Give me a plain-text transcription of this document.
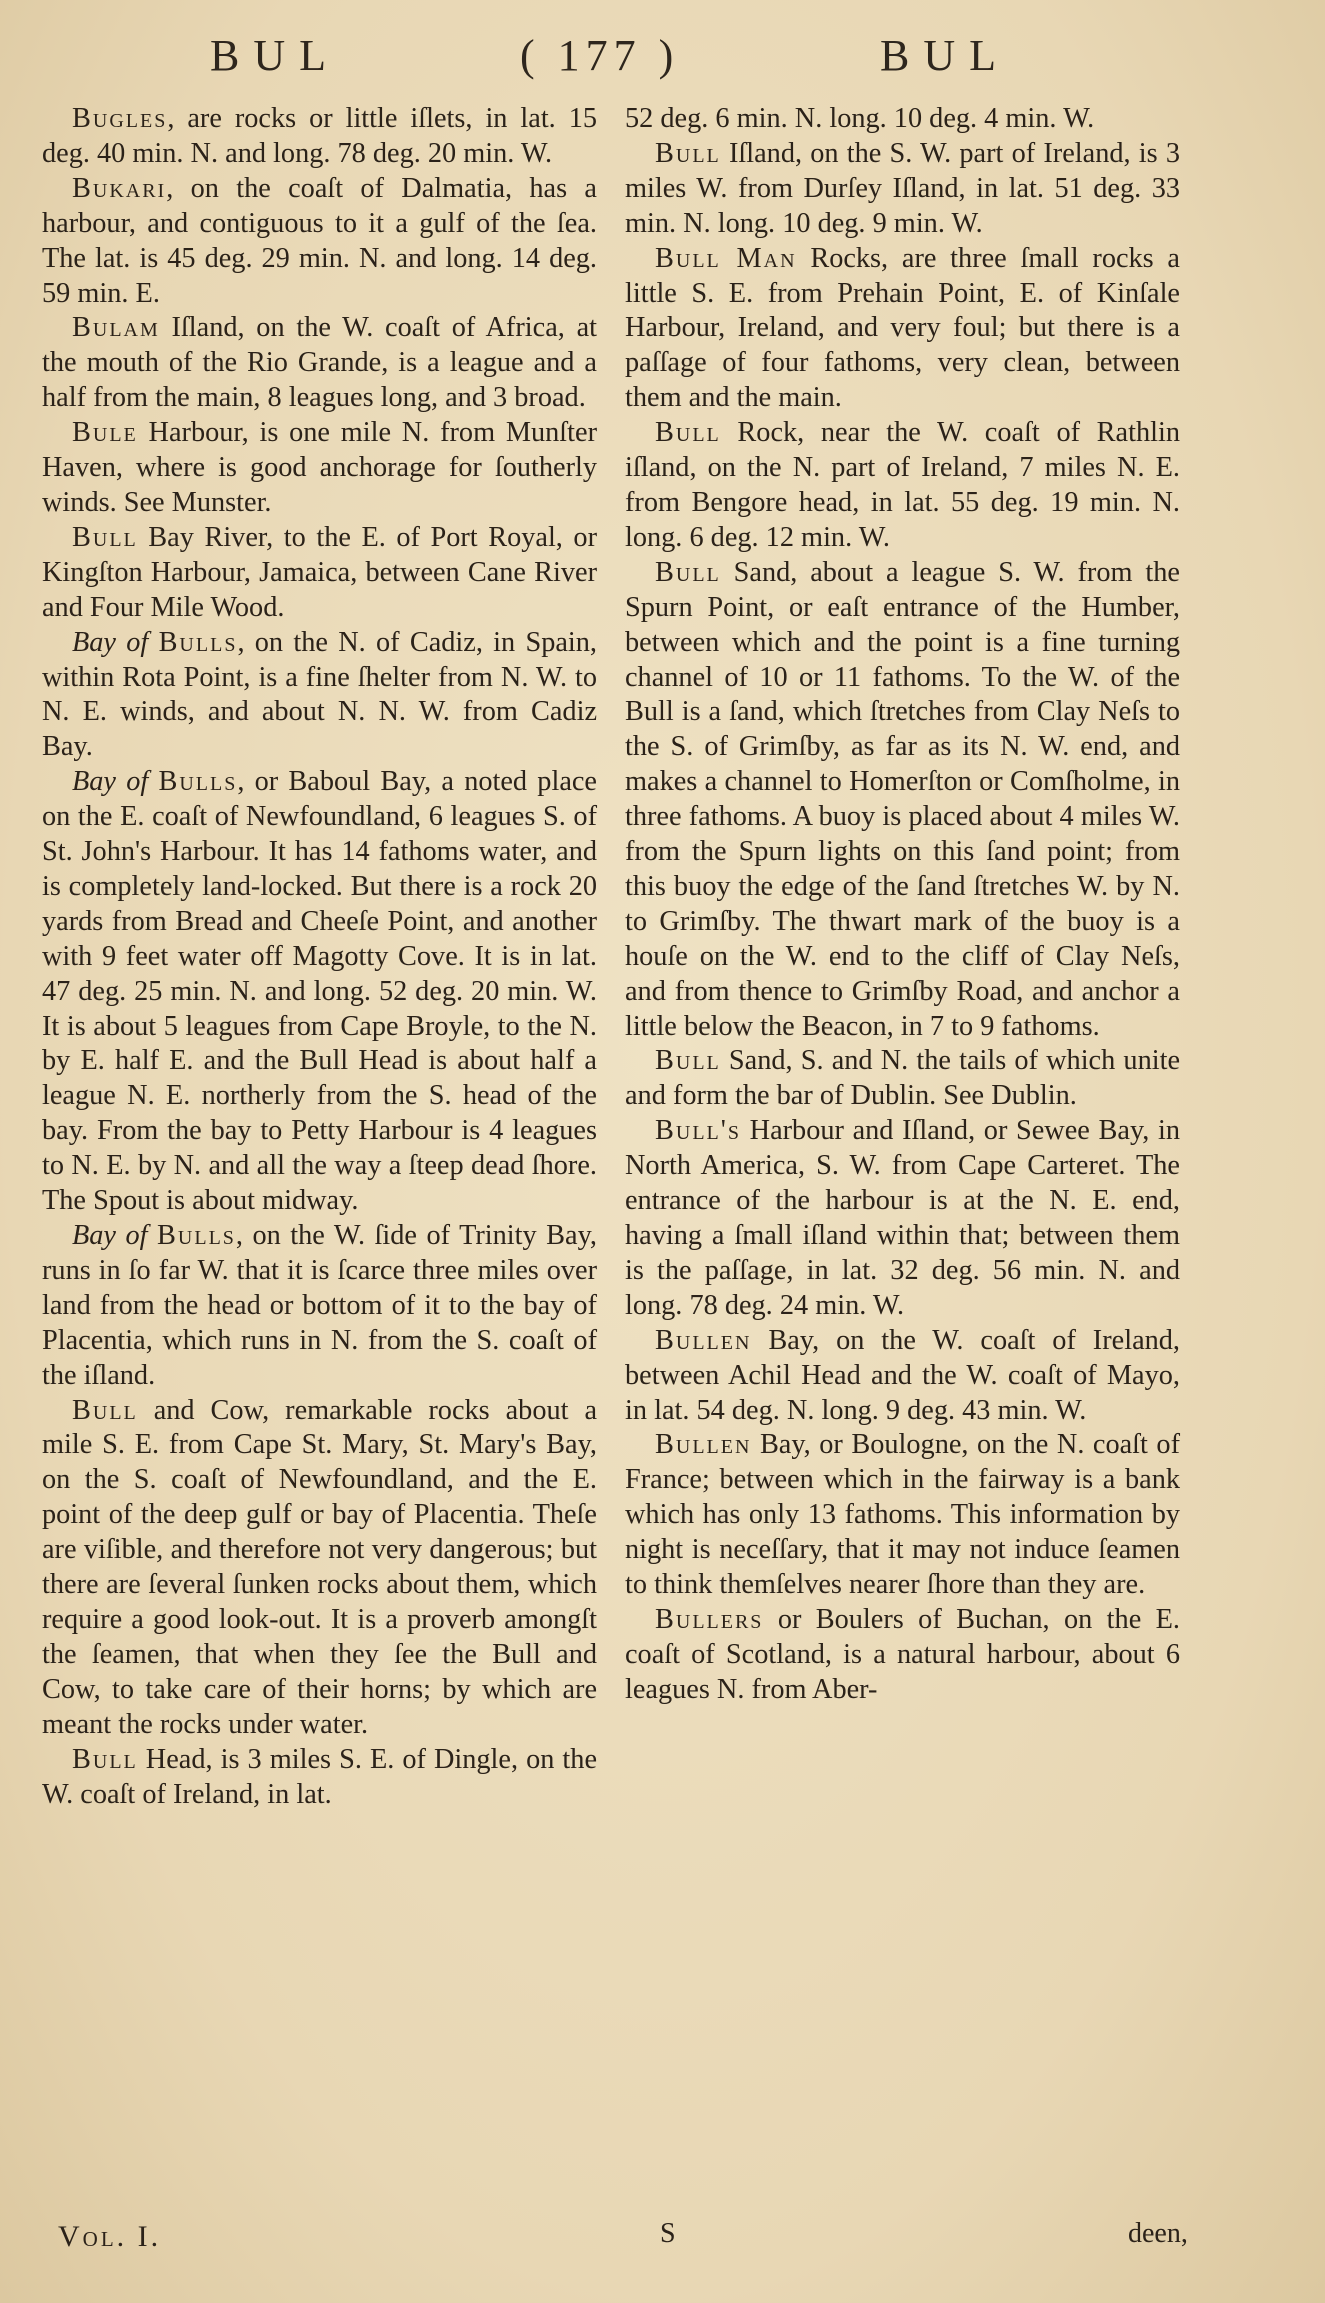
BUL	( 177 )	BUL

Bugles, are rocks or little iſlets, in lat. 15 deg. 40 min. N. and long. 78 deg. 20 min. W.

Bukari, on the coaſt of Dalmatia, has a harbour, and contiguous to it a gulf of the ſea. The lat. is 45 deg. 29 min. N. and long. 14 deg. 59 min. E.

Bulam Iſland, on the W. coaſt of Africa, at the mouth of the Rio Grande, is a league and a half from the main, 8 leagues long, and 3 broad.

Bule Harbour, is one mile N. from Munſter Haven, where is good anchorage for ſoutherly winds. See Munster.

Bull Bay River, to the E. of Port Royal, or Kingſton Harbour, Jamaica, between Cane River and Four Mile Wood.

Bay of Bulls, on the N. of Cadiz, in Spain, within Rota Point, is a fine ſhelter from N. W. to N. E. winds, and about N. N. W. from Cadiz Bay.

Bay of Bulls, or Baboul Bay, a noted place on the E. coaſt of Newfoundland, 6 leagues S. of St. John's Harbour. It has 14 fathoms water, and is completely land-locked. But there is a rock 20 yards from Bread and Cheeſe Point, and another with 9 feet water off Magotty Cove. It is in lat. 47 deg. 25 min. N. and long. 52 deg. 20 min. W. It is about 5 leagues from Cape Broyle, to the N. by E. half E. and the Bull Head is about half a league N. E. northerly from the S. head of the bay. From the bay to Petty Harbour is 4 leagues to N. E. by N. and all the way a ſteep dead ſhore. The Spout is about midway.

Bay of Bulls, on the W. ſide of Trinity Bay, runs in ſo far W. that it is ſcarce three miles over land from the head or bottom of it to the bay of Placentia, which runs in N. from the S. coaſt of the iſland.

Bull and Cow, remarkable rocks about a mile S. E. from Cape St. Mary, St. Mary's Bay, on the S. coaſt of Newfoundland, and the E. point of the deep gulf or bay of Placentia. Theſe are viſible, and therefore not very dangerous; but there are ſeveral ſunken rocks about them, which require a good look-out. It is a proverb amongſt the ſeamen, that when they ſee the Bull and Cow, to take care of their horns; by which are meant the rocks under water.

Bull Head, is 3 miles S. E. of Dingle, on the W. coaſt of Ireland, in lat.

52 deg. 6 min. N. long. 10 deg. 4 min. W.

Bull Iſland, on the S. W. part of Ireland, is 3 miles W. from Durſey Iſland, in lat. 51 deg. 33 min. N. long. 10 deg. 9 min. W.

Bull Man Rocks, are three ſmall rocks a little S. E. from Prehain Point, E. of Kinſale Harbour, Ireland, and very foul; but there is a paſſage of four fathoms, very clean, between them and the main.

Bull Rock, near the W. coaſt of Rathlin iſland, on the N. part of Ireland, 7 miles N. E. from Bengore head, in lat. 55 deg. 19 min. N. long. 6 deg. 12 min. W.

Bull Sand, about a league S. W. from the Spurn Point, or eaſt entrance of the Humber, between which and the point is a fine turning channel of 10 or 11 fathoms. To the W. of the Bull is a ſand, which ſtretches from Clay Neſs to the S. of Grimſby, as far as its N. W. end, and makes a channel to Homerſton or Comſholme, in three fathoms. A buoy is placed about 4 miles W. from the Spurn lights on this ſand point; from this buoy the edge of the ſand ſtretches W. by N. to Grimſby. The thwart mark of the buoy is a houſe on the W. end to the cliff of Clay Neſs, and from thence to Grimſby Road, and anchor a little below the Beacon, in 7 to 9 fathoms.

Bull Sand, S. and N. the tails of which unite and form the bar of Dublin. See Dublin.

Bull's Harbour and Iſland, or Sewee Bay, in North America, S. W. from Cape Carteret. The entrance of the harbour is at the N. E. end, having a ſmall iſland within that; between them is the paſſage, in lat. 32 deg. 56 min. N. and long. 78 deg. 24 min. W.

Bullen Bay, on the W. coaſt of Ireland, between Achil Head and the W. coaſt of Mayo, in lat. 54 deg. N. long. 9 deg. 43 min. W.

Bullen Bay, or Boulogne, on the N. coaſt of France; between which in the fairway is a bank which has only 13 fathoms. This information by night is neceſſary, that it may not induce ſeamen to think themſelves nearer ſhore than they are.

Bullers or Boulers of Buchan, on the E. coaſt of Scotland, is a natural harbour, about 6 leagues N. from Aber-

Vol. I.	S	deen,
